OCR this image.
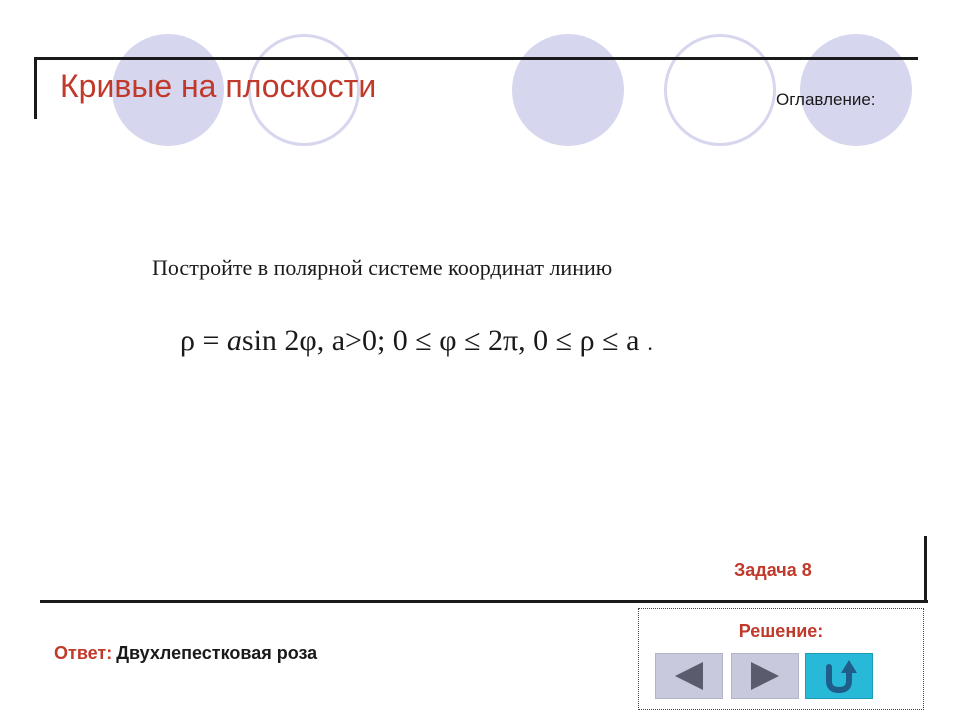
Кривые на плоскости	Оглавление:
Постройте в полярной системе координат линию
ρ = asin 2φ, a>0; 0 ≤ φ ≤ 2π, 0 ≤ ρ ≤ a .
Задача 8
Ответ: Двухлепестковая роза
Решение:
